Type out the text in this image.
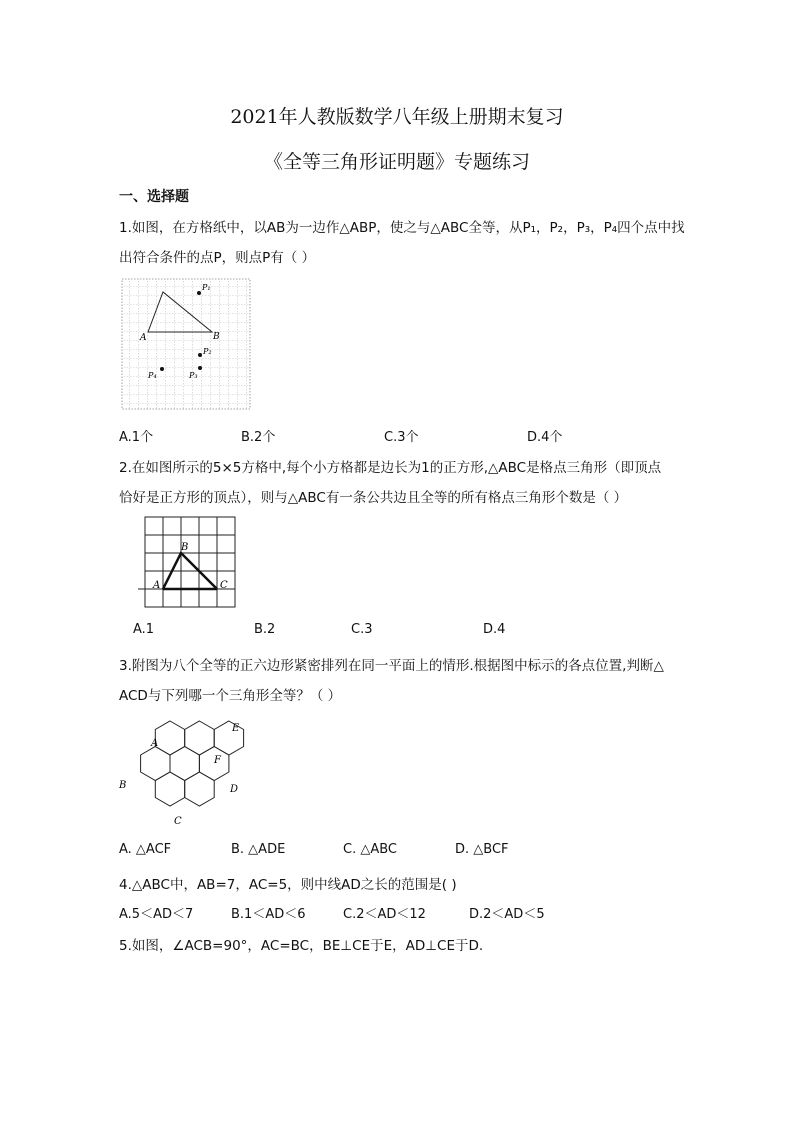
2021年人教版数学八年级上册期末复习
《全等三角形证明题》专题练习
一、选择题
1.如图，在方格纸中，以AB为一边作△ABP，使之与△ABC全等，从P₁，P₂，P₃，P₄四个点中找
出符合条件的点P，则点P有（ ）
A	B
P₁
P₂
P₃
P₄
A.1个	B.2个	C.3个	D.4个
2.在如图所示的5×5方格中,每个小方格都是边长为1的正方形,△ABC是格点三角形（即顶点
恰好是正方形的顶点），则与△ABC有一条公共边且全等的所有格点三角形个数是（ ）
B
A	C
A.1	B.2	C.3	D.4
3.附图为八个全等的正六边形紧密排列在同一平面上的情形.根据图中标示的各点位置,判断△
ACD与下列哪一个三角形全等？（ ）
A
B
C
D
E
F
A. △ACF	B. △ADE	C. △ABC	D. △BCF
4.△ABC中，AB=7，AC=5，则中线AD之长的范围是( )
A.5＜AD＜7	B.1＜AD＜6	C.2＜AD＜12	D.2＜AD＜5
5.如图，∠ACB=90°，AC=BC，BE⊥CE于E，AD⊥CE于D.
